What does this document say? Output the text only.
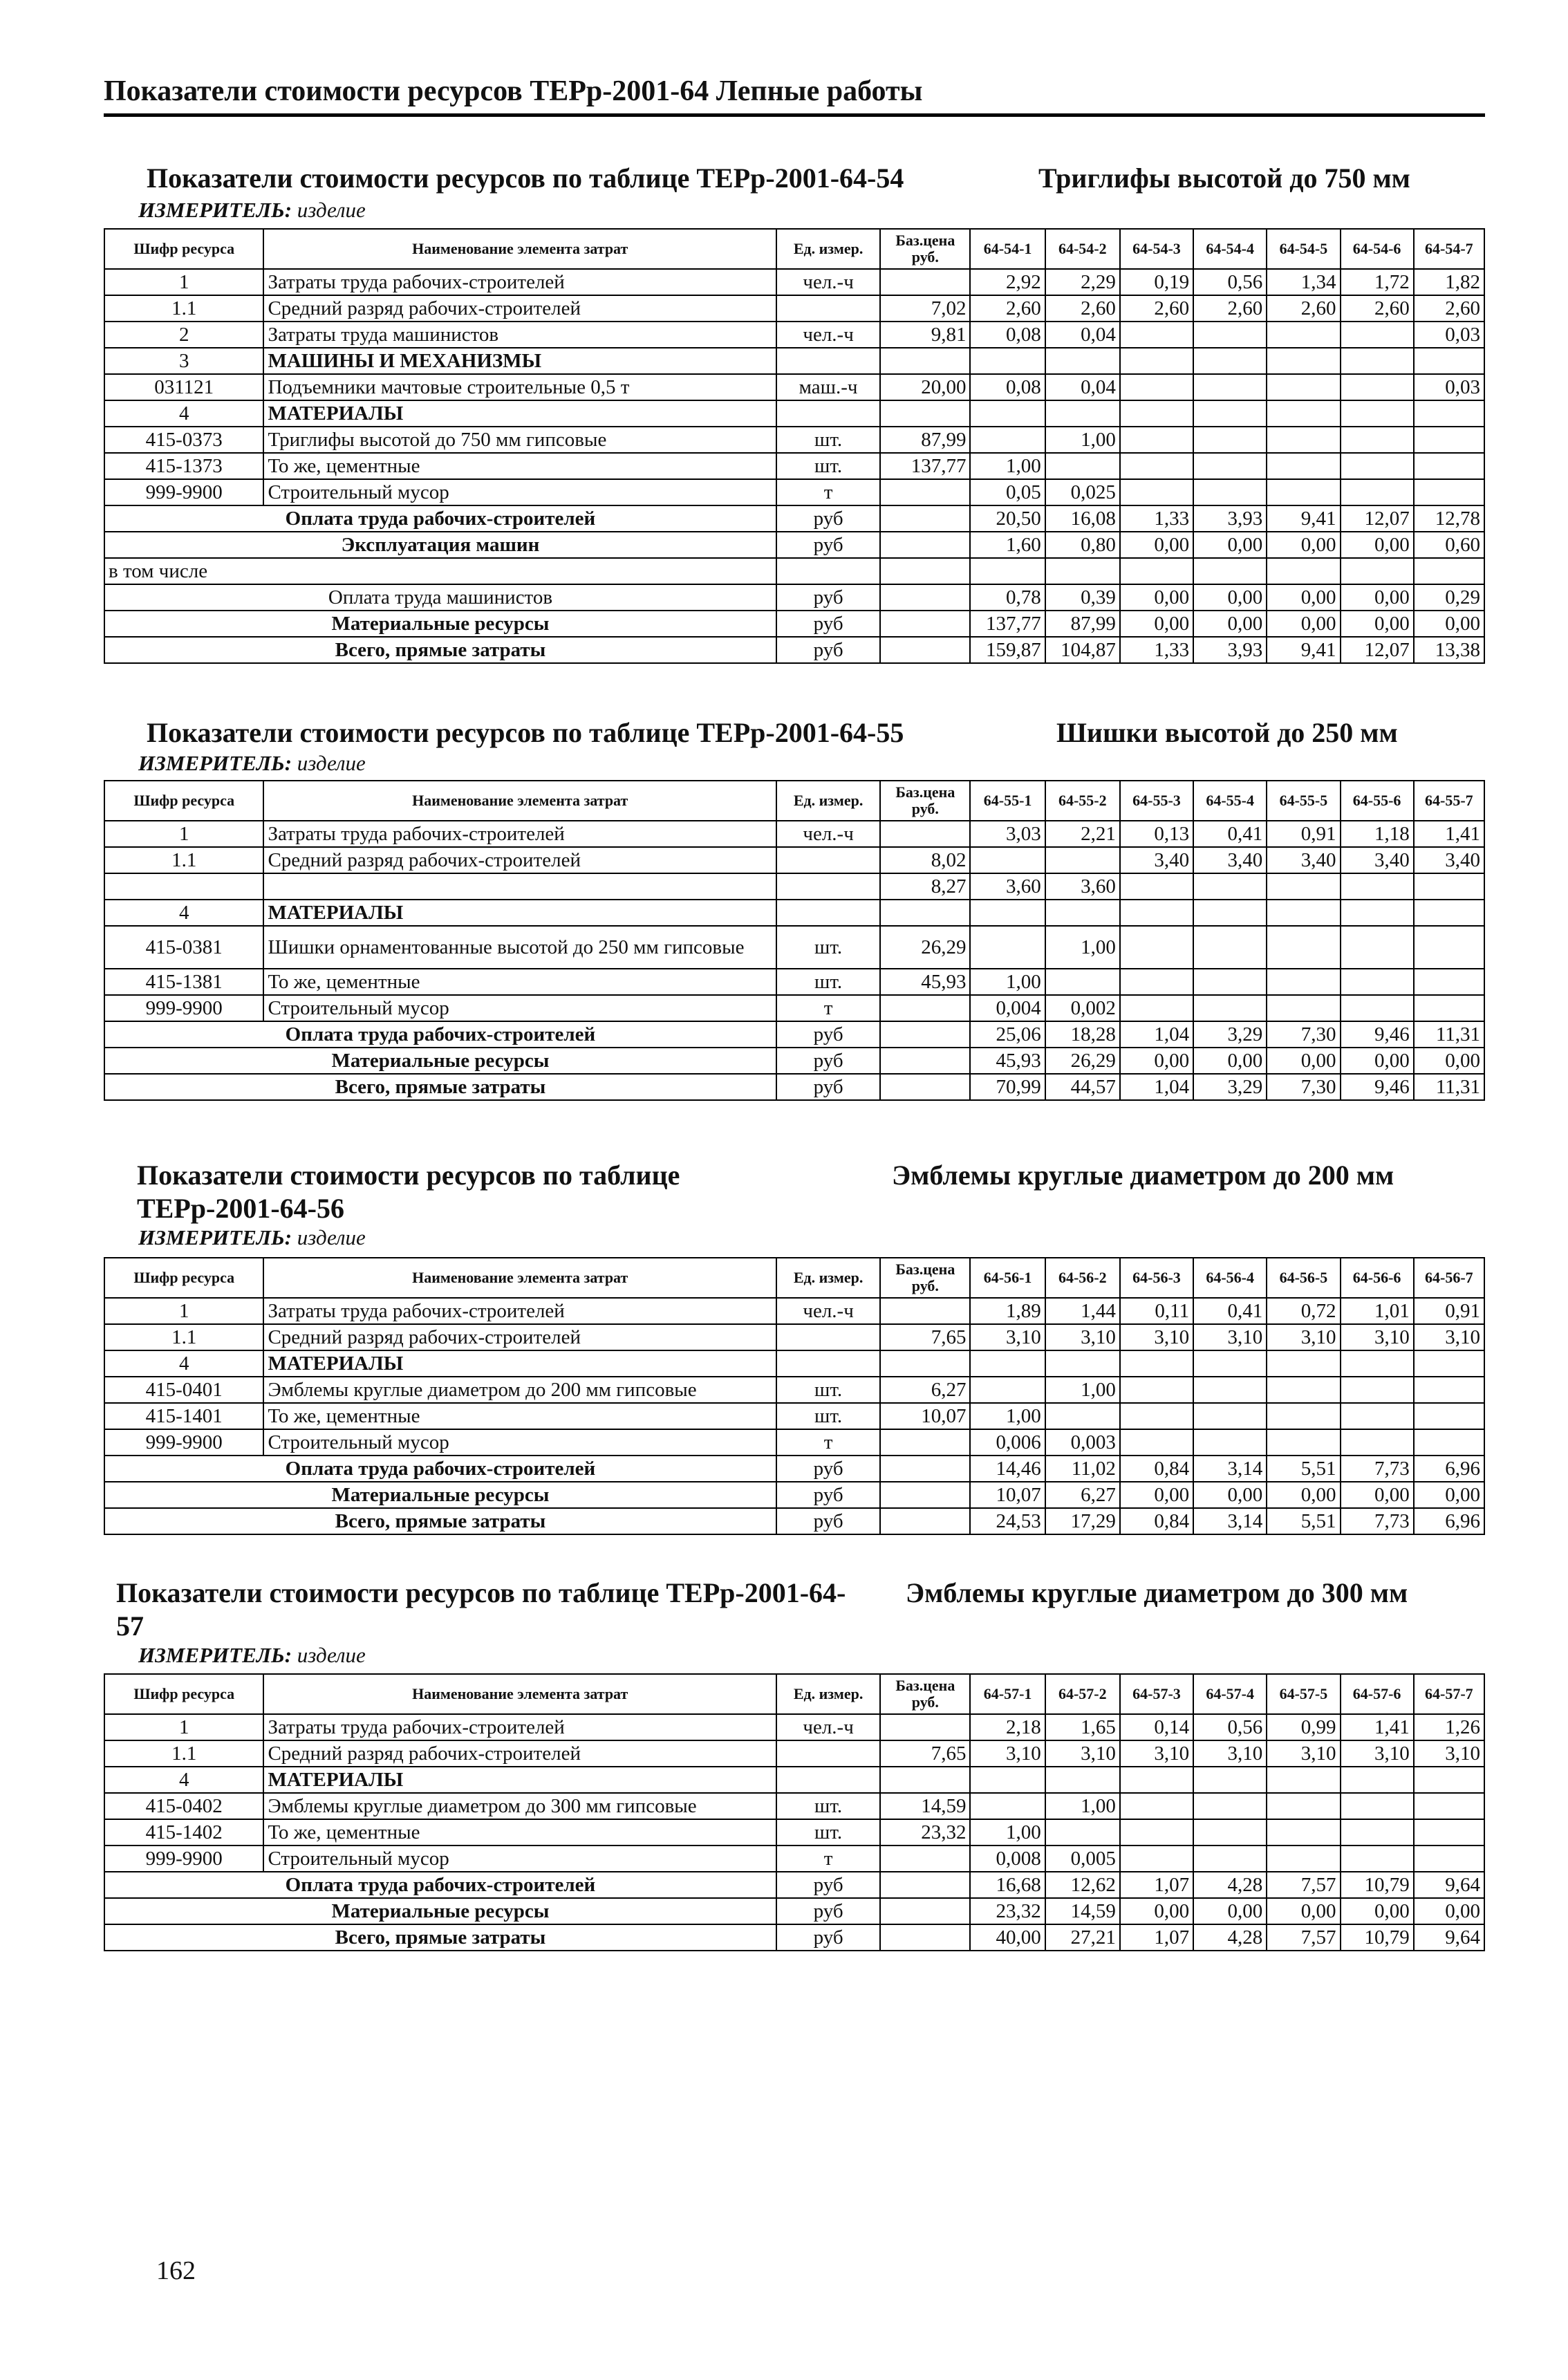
Показатели стоимости ресурсов ТЕРр-2001-64 Лепные работы
Показатели стоимости ресурсов по таблице ТЕРр-2001-64-54	Триглифы высотой до 750 мм
ИЗМЕРИТЕЛЬ: изделие
Шифр ресурса	Наименование элемента затрат	Ед. измер.	Баз.цена руб.	64-54-1	64-54-2	64-54-3	64-54-4	64-54-5	64-54-6	64-54-7
1	Затраты труда рабочих-строителей	чел.-ч		2,92	2,29	0,19	0,56	1,34	1,72	1,82
1.1	Средний разряд рабочих-строителей		7,02	2,60	2,60	2,60	2,60	2,60	2,60	2,60
2	Затраты труда машинистов	чел.-ч	9,81	0,08	0,04					0,03
3	МАШИНЫ И МЕХАНИЗМЫ									
031121	Подъемники мачтовые строительные 0,5 т	маш.-ч	20,00	0,08	0,04					0,03
4	МАТЕРИАЛЫ									
415-0373	Триглифы высотой до 750 мм гипсовые	шт.	87,99		1,00					
415-1373	То же, цементные	шт.	137,77	1,00						
999-9900	Строительный мусор	т		0,05	0,025					
Оплата труда рабочих-строителей		руб		20,50	16,08	1,33	3,93	9,41	12,07	12,78
Эксплуатация машин		руб		1,60	0,80	0,00	0,00	0,00	0,00	0,60
в том числе										
Оплата труда машинистов		руб		0,78	0,39	0,00	0,00	0,00	0,00	0,29
Материальные ресурсы		руб		137,77	87,99	0,00	0,00	0,00	0,00	0,00
Всего, прямые затраты		руб		159,87	104,87	1,33	3,93	9,41	12,07	13,38
Показатели стоимости ресурсов по таблице ТЕРр-2001-64-55	Шишки высотой до 250 мм
ИЗМЕРИТЕЛЬ: изделие
Шифр ресурса	Наименование элемента затрат	Ед. измер.	Баз.цена руб.	64-55-1	64-55-2	64-55-3	64-55-4	64-55-5	64-55-6	64-55-7
1	Затраты труда рабочих-строителей	чел.-ч		3,03	2,21	0,13	0,41	0,91	1,18	1,41
1.1	Средний разряд рабочих-строителей		8,02			3,40	3,40	3,40	3,40	3,40
			8,27	3,60	3,60					
4	МАТЕРИАЛЫ									
415-0381	Шишки орнаментованные высотой до 250 мм гипсовые	шт.	26,29		1,00					
415-1381	То же, цементные	шт.	45,93	1,00						
999-9900	Строительный мусор	т		0,004	0,002					
Оплата труда рабочих-строителей		руб		25,06	18,28	1,04	3,29	7,30	9,46	11,31
Материальные ресурсы		руб		45,93	26,29	0,00	0,00	0,00	0,00	0,00
Всего, прямые затраты		руб		70,99	44,57	1,04	3,29	7,30	9,46	11,31
Показатели стоимости ресурсов по таблице ТЕРр-2001-64-56
Эмблемы круглые диаметром до 200 мм
ИЗМЕРИТЕЛЬ: изделие
Шифр ресурса	Наименование элемента затрат	Ед. измер.	Баз.цена руб.	64-56-1	64-56-2	64-56-3	64-56-4	64-56-5	64-56-6	64-56-7
1	Затраты труда рабочих-строителей	чел.-ч		1,89	1,44	0,11	0,41	0,72	1,01	0,91
1.1	Средний разряд рабочих-строителей		7,65	3,10	3,10	3,10	3,10	3,10	3,10	3,10
4	МАТЕРИАЛЫ									
415-0401	Эмблемы круглые диаметром до 200 мм гипсовые	шт.	6,27		1,00					
415-1401	То же, цементные	шт.	10,07	1,00						
999-9900	Строительный мусор	т		0,006	0,003					
Оплата труда рабочих-строителей		руб		14,46	11,02	0,84	3,14	5,51	7,73	6,96
Материальные ресурсы		руб		10,07	6,27	0,00	0,00	0,00	0,00	0,00
Всего, прямые затраты		руб		24,53	17,29	0,84	3,14	5,51	7,73	6,96
Показатели стоимости ресурсов по таблице ТЕРр-2001-64-57
Эмблемы круглые диаметром до 300 мм
ИЗМЕРИТЕЛЬ: изделие
Шифр ресурса	Наименование элемента затрат	Ед. измер.	Баз.цена руб.	64-57-1	64-57-2	64-57-3	64-57-4	64-57-5	64-57-6	64-57-7
1	Затраты труда рабочих-строителей	чел.-ч		2,18	1,65	0,14	0,56	0,99	1,41	1,26
1.1	Средний разряд рабочих-строителей		7,65	3,10	3,10	3,10	3,10	3,10	3,10	3,10
4	МАТЕРИАЛЫ									
415-0402	Эмблемы круглые диаметром до 300 мм гипсовые	шт.	14,59		1,00					
415-1402	То же, цементные	шт.	23,32	1,00						
999-9900	Строительный мусор	т		0,008	0,005					
Оплата труда рабочих-строителей		руб		16,68	12,62	1,07	4,28	7,57	10,79	9,64
Материальные ресурсы		руб		23,32	14,59	0,00	0,00	0,00	0,00	0,00
Всего, прямые затраты		руб		40,00	27,21	1,07	4,28	7,57	10,79	9,64
162
